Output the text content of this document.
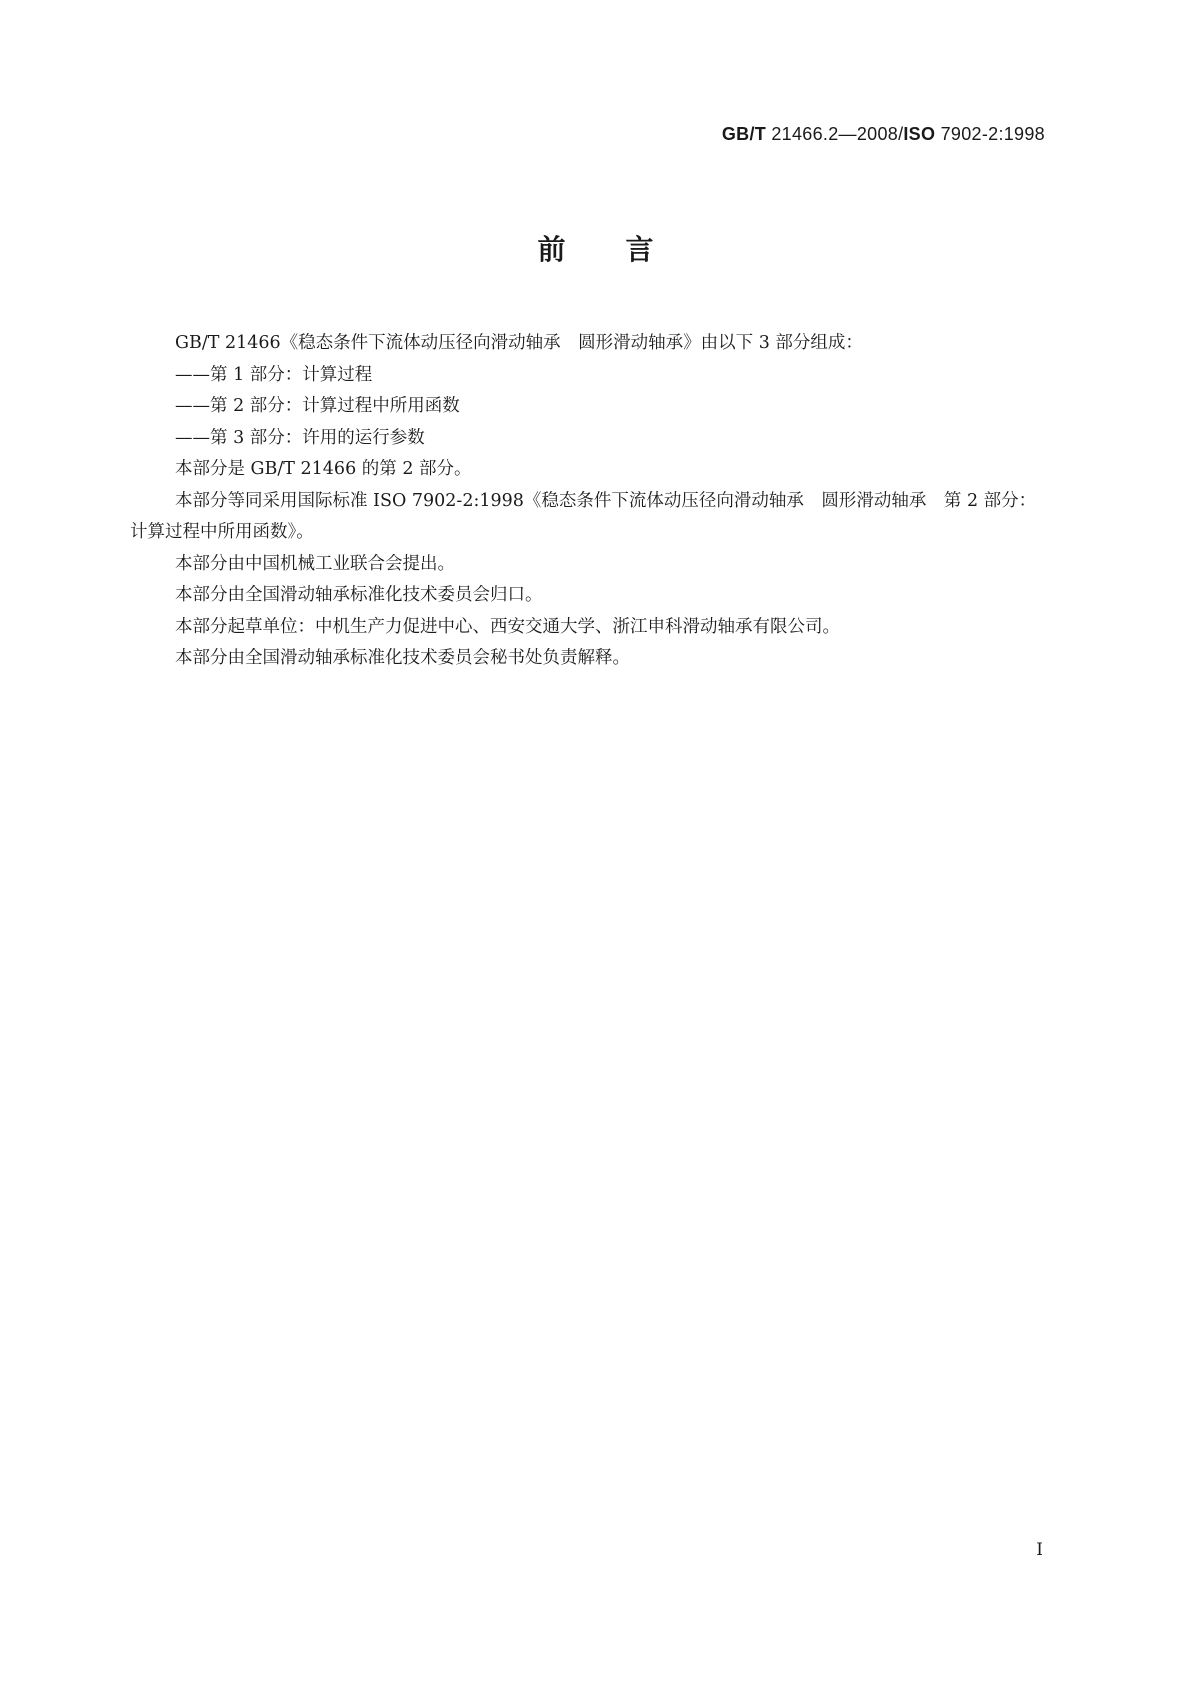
GB/T 21466.2—2008/ISO 7902-2:1998
前言

GB/T 21466《稳态条件下流体动压径向滑动轴承　圆形滑动轴承》由以下 3 部分组成：

——第 1 部分：计算过程

——第 2 部分：计算过程中所用函数

——第 3 部分：许用的运行参数

本部分是 GB/T 21466 的第 2 部分。

本部分等同采用国际标准 ISO 7902-2:1998《稳态条件下流体动压径向滑动轴承　圆形滑动轴承　第 2 部分：计算过程中所用函数》。

本部分由中国机械工业联合会提出。

本部分由全国滑动轴承标准化技术委员会归口。

本部分起草单位：中机生产力促进中心、西安交通大学、浙江申科滑动轴承有限公司。

本部分由全国滑动轴承标准化技术委员会秘书处负责解释。

I
